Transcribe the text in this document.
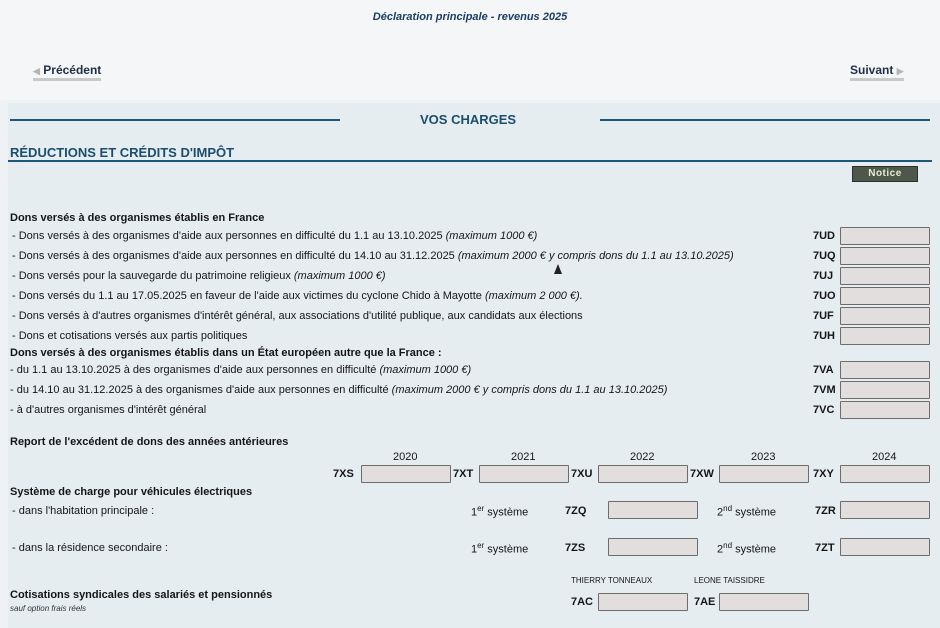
Déclaration principale - revenus 2025
◀ Précédent	Suivant ▶
VOS CHARGES
RÉDUCTIONS ET CRÉDITS D'IMPÔT
Notice
Dons versés à des organismes établis en France
- Dons versés à des organismes d'aide aux personnes en difficulté du 1.1 au 13.10.2025 (maximum 1000 €)	7UD
- Dons versés à des organismes d'aide aux personnes en difficulté du 14.10 au 31.12.2025 (maximum 2000 € y compris dons du 1.1 au 13.10.2025)	7UQ
- Dons versés pour la sauvegarde du patrimoine religieux (maximum 1000 €)	7UJ
- Dons versés du 1.1 au 17.05.2025 en faveur de l'aide aux victimes du cyclone Chido à Mayotte (maximum 2 000 €).	7UO
- Dons versés à d'autres organismes d'intérêt général, aux associations d'utilité publique, aux candidats aux élections	7UF
- Dons et cotisations versés aux partis politiques	7UH
Dons versés à des organismes établis dans un État européen autre que la France :
- du 1.1 au 13.10.2025 à des organismes d'aide aux personnes en difficulté (maximum 1000 €)	7VA
- du 14.10 au 31.12.2025 à des organismes d'aide aux personnes en difficulté (maximum 2000 € y compris dons du 1.1 au 13.10.2025)	7VM
- à d'autres organismes d'intérêt général	7VC
Report de l'excédent de dons des années antérieures
2020	2021	2022	2023	2024
7XS	7XT	7XU	7XW	7XY
Système de charge pour véhicules électriques
- dans l'habitation principale :	1er système	7ZQ	2nd système	7ZR
- dans la résidence secondaire :	1er système	7ZS	2nd système	7ZT
Cotisations syndicales des salariés et pensionnés
sauf option frais réels
THIERRY TONNEAUX	LEONE TAISSIDRE
7AC	7AE
